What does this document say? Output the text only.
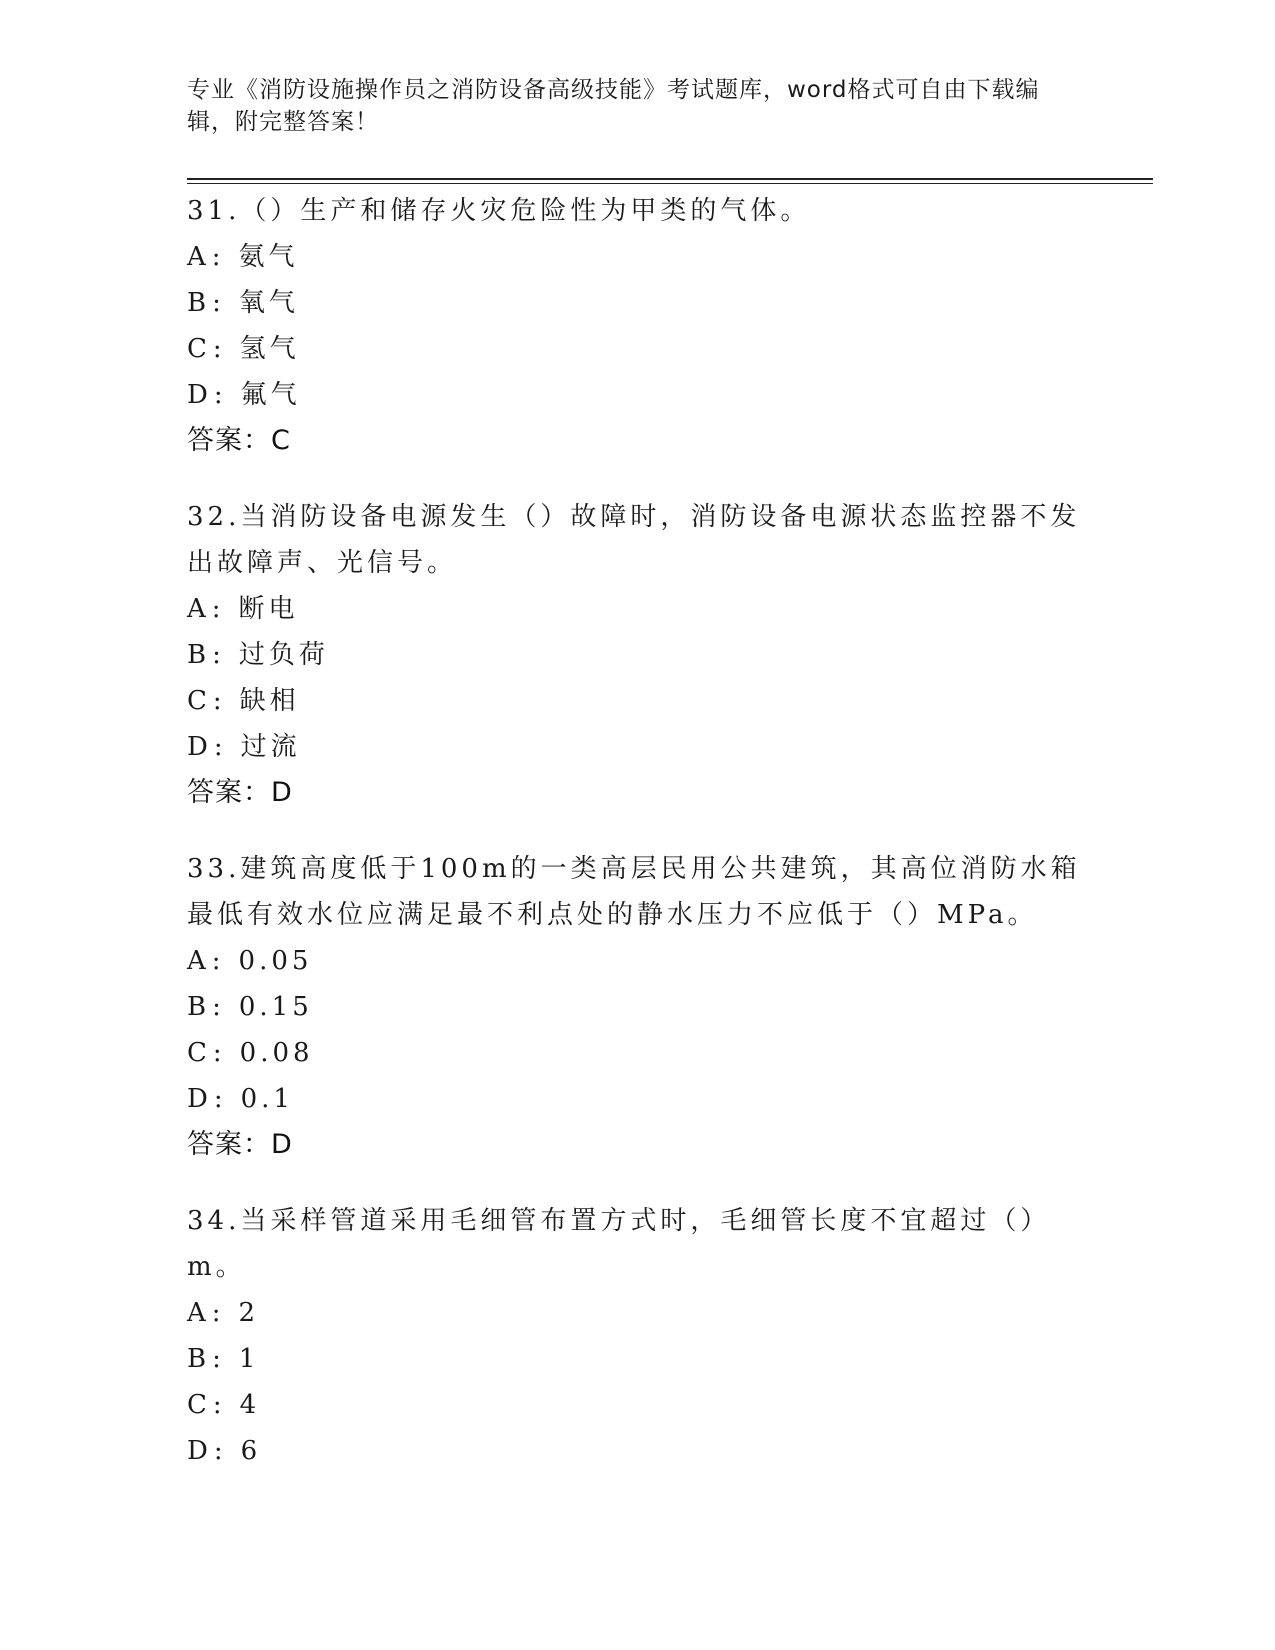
专业《消防设施操作员之消防设备高级技能》考试题库，word格式可自由下载编辑，附完整答案！
31.（）生产和储存火灾危险性为甲类的气体。
A: 氨气
B: 氧气
C: 氢气
D: 氟气
答案：C
32.当消防设备电源发生（）故障时，消防设备电源状态监控器不发出故障声、光信号。
A: 断电
B: 过负荷
C: 缺相
D: 过流
答案：D
33.建筑高度低于100m的一类高层民用公共建筑，其高位消防水箱最低有效水位应满足最不利点处的静水压力不应低于（）MPa。
A: 0.05
B: 0.15
C: 0.08
D: 0.1
答案：D
34.当采样管道采用毛细管布置方式时，毛细管长度不宜超过（）m。
A: 2
B: 1
C: 4
D: 6
